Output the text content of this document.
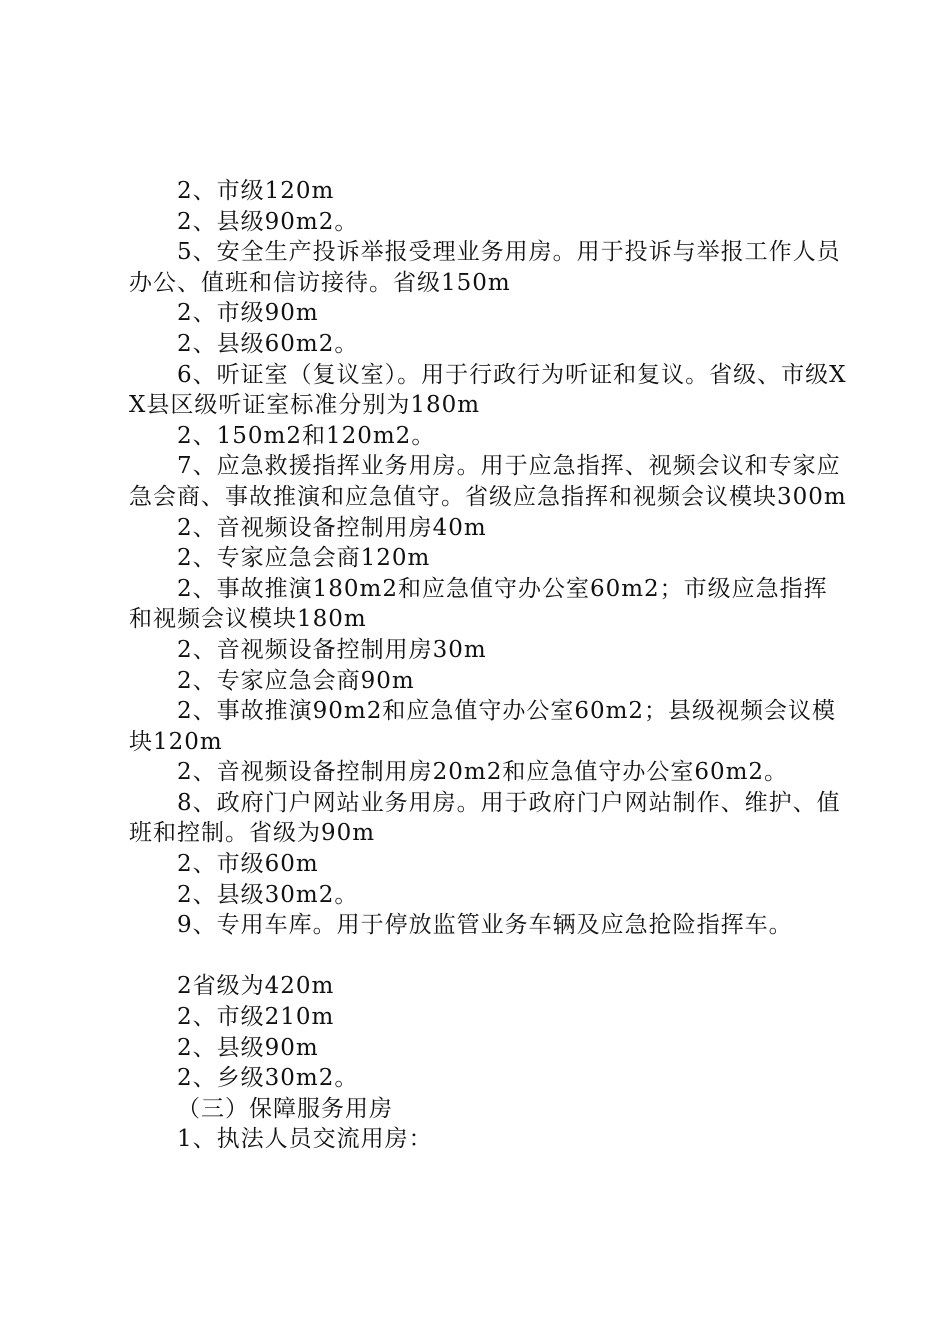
2、市级120m

2、县级90m2。

5、安全生产投诉举报受理业务用房。用于投诉与举报工作人员办公、值班和信访接待。省级150m

2、市级90m

2、县级60m2。

6、听证室（复议室）。用于行政行为听证和复议。省级、市级XX县区级听证室标准分别为180m

2、150m2和120m2。

7、应急救援指挥业务用房。用于应急指挥、视频会议和专家应急会商、事故推演和应急值守。省级应急指挥和视频会议模块300m

2、音视频设备控制用房40m

2、专家应急会商120m

2、事故推演180m2和应急值守办公室60m2；市级应急指挥和视频会议模块180m

2、音视频设备控制用房30m

2、专家应急会商90m

2、事故推演90m2和应急值守办公室60m2；县级视频会议模块120m

2、音视频设备控制用房20m2和应急值守办公室60m2。

8、政府门户网站业务用房。用于政府门户网站制作、维护、值班和控制。省级为90m

2、市级60m

2、县级30m2。

9、专用车库。用于停放监管业务车辆及应急抢险指挥车。

2省级为420m

2、市级210m

2、县级90m

2、乡级30m2。

（三）保障服务用房

1、执法人员交流用房：
